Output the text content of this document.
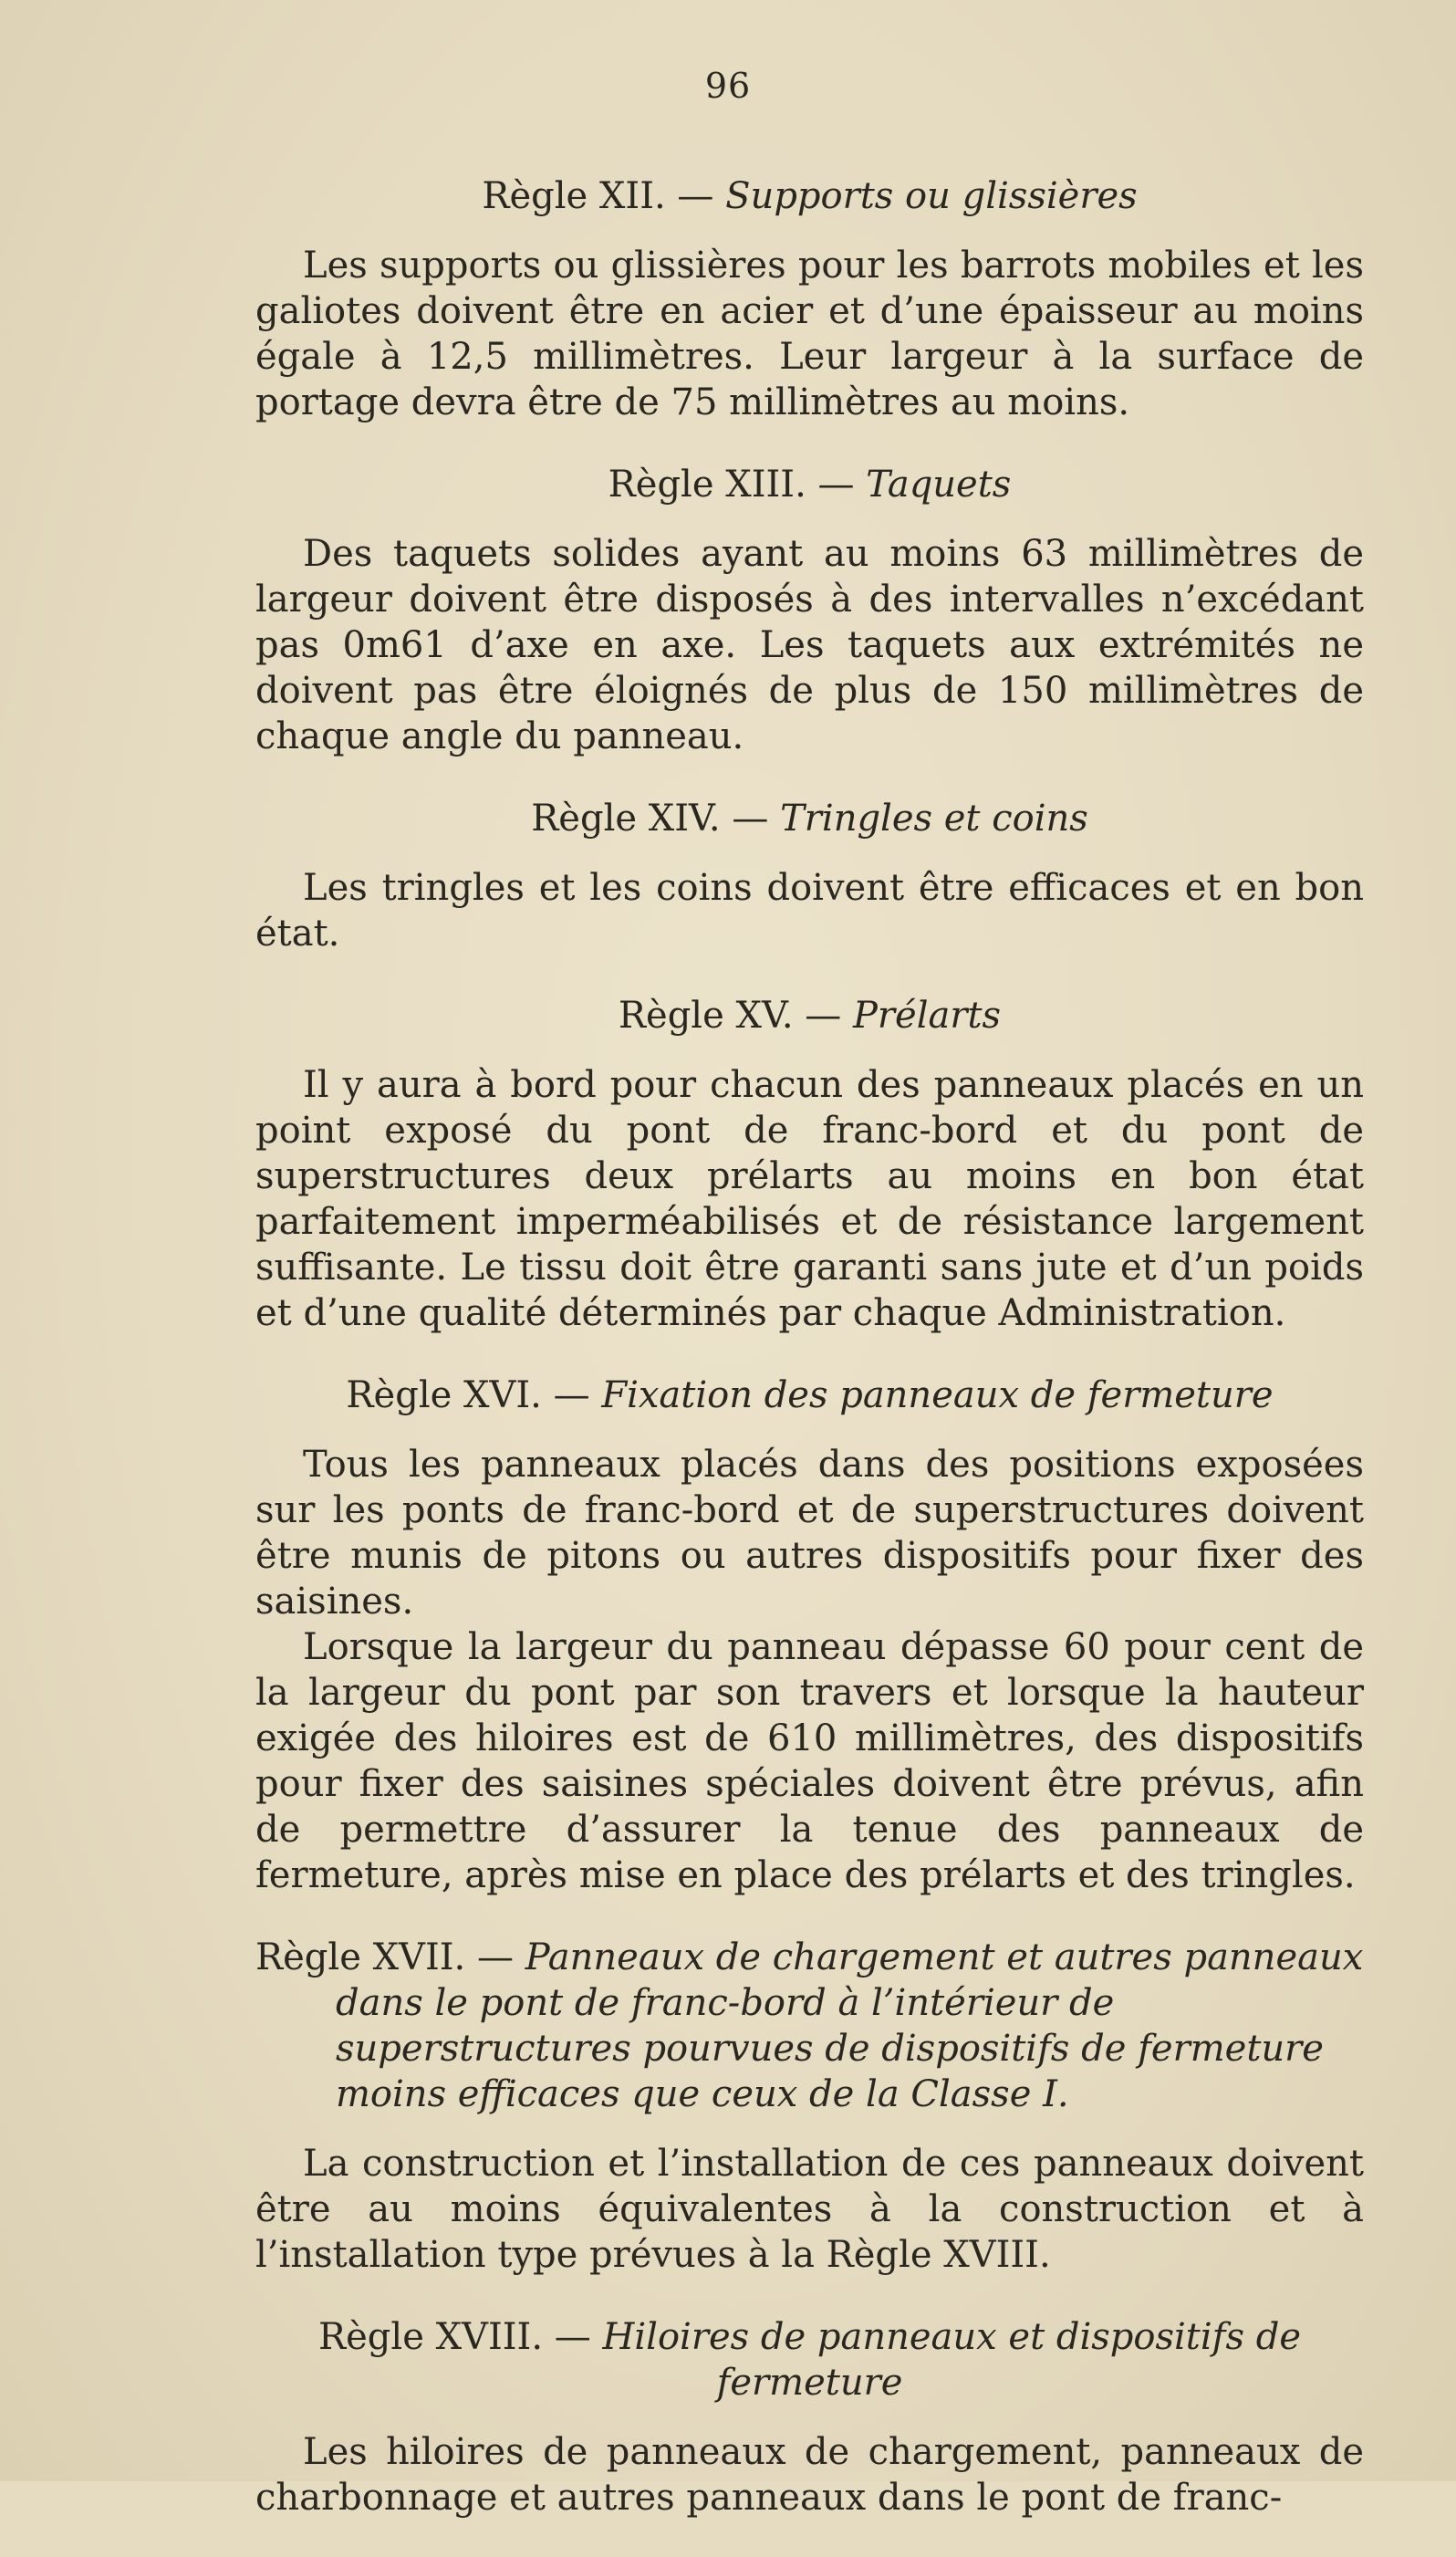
96
Règle XII. — Supports ou glissières

Les supports ou glissières pour les barrots mobiles et les galiotes doivent être en acier et d’une épaisseur au moins égale à 12,5 millimètres. Leur largeur à la surface de portage devra être de 75 millimètres au moins.

Règle XIII. — Taquets

Des taquets solides ayant au moins 63 millimètres de largeur doivent être disposés à des intervalles n’excédant pas 0m61 d’axe en axe. Les taquets aux extrémités ne doivent pas être éloignés de plus de 150 millimètres de chaque angle du panneau.

Règle XIV. — Tringles et coins

Les tringles et les coins doivent être efficaces et en bon état.

Règle XV. — Prélarts

Il y aura à bord pour chacun des panneaux placés en un point exposé du pont de franc-bord et du pont de superstructures deux prélarts au moins en bon état parfaitement imperméabilisés et de résistance largement suffisante. Le tissu doit être garanti sans jute et d’un poids et d’une qualité déterminés par chaque Administration.

Règle XVI. — Fixation des panneaux de fermeture

Tous les panneaux placés dans des positions exposées sur les ponts de franc-bord et de superstructures doivent être munis de pitons ou autres dispositifs pour fixer des saisines.

Lorsque la largeur du panneau dépasse 60 pour cent de la largeur du pont par son travers et lorsque la hauteur exigée des hiloires est de 610 millimètres, des dispositifs pour fixer des saisines spéciales doivent être prévus, afin de permettre d’assurer la tenue des panneaux de fermeture, après mise en place des prélarts et des tringles.

Règle XVII. — Panneaux de chargement et autres panneaux dans le pont de franc-bord à l’intérieur de superstructures pourvues de dispositifs de fermeture moins efficaces que ceux de la Classe I.

La construction et l’installation de ces panneaux doivent être au moins équivalentes à la construction et à l’installation type prévues à la Règle XVIII.

Règle XVIII. — Hiloires de panneaux et dispositifs de fermeture

Les hiloires de panneaux de chargement, panneaux de charbonnage et autres panneaux dans le pont de franc-
